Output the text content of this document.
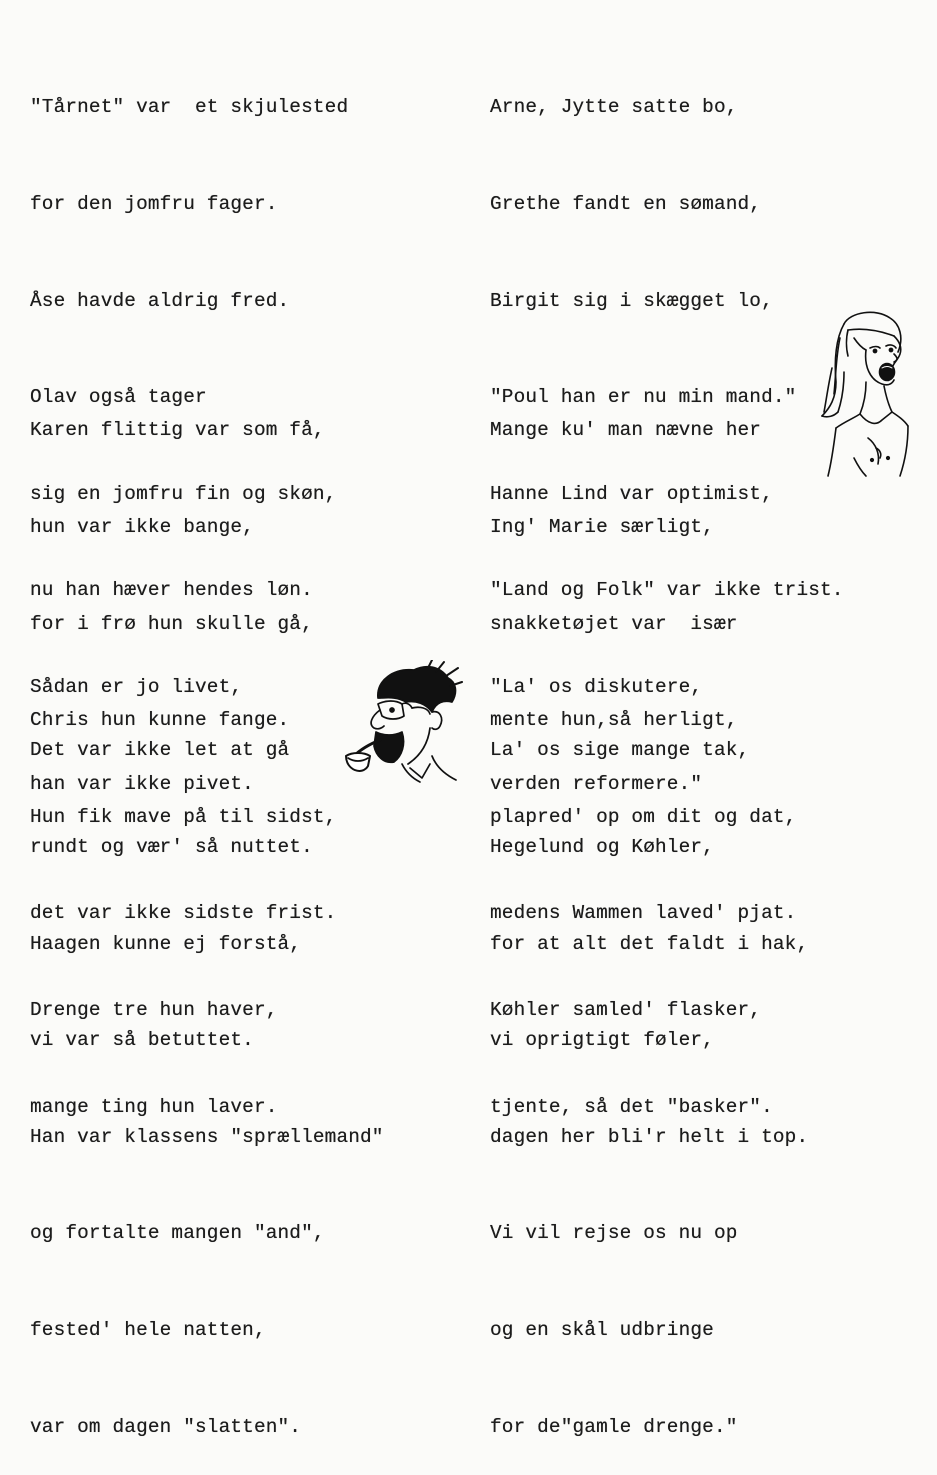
"Tårnet" var  et skjulested

for den jomfru fager.

Åse havde aldrig fred.

Olav også tager

sig en jomfru fin og skøn,

nu han hæver hendes løn.

Sådan er jo livet,

han var ikke pivet.

Arne, Jytte satte bo,

Grethe fandt en sømand,

Birgit sig i skægget lo,

"Poul han er nu min mand."

Hanne Lind var optimist,

"Land og Folk" var ikke trist.

"La' os diskutere,

verden reformere."

Karen flittig var som få,

hun var ikke bange,

for i frø hun skulle gå,

Chris hun kunne fange.

Hun fik mave på til sidst,

det var ikke sidste frist.

Drenge tre hun haver,

mange ting hun laver.

Mange ku' man nævne her

Ing' Marie særligt,

snakketøjet var  især

mente hun,så herligt,

plapred' op om dit og dat,

medens Wammen laved' pjat.

Køhler samled' flasker,

tjente, så det "basker".

Det var ikke let at gå

rundt og vær' så nuttet.

Haagen kunne ej forstå,

vi var så betuttet.

Han var klassens "sprællemand"

og fortalte mangen "and",

fested' hele natten,

var om dagen "slatten".

La' os sige mange tak,

Hegelund og Køhler,

for at alt det faldt i hak,

vi oprigtigt føler,

dagen her bli'r helt i top.

Vi vil rejse os nu op

og en skål udbringe

for de"gamle drenge."
